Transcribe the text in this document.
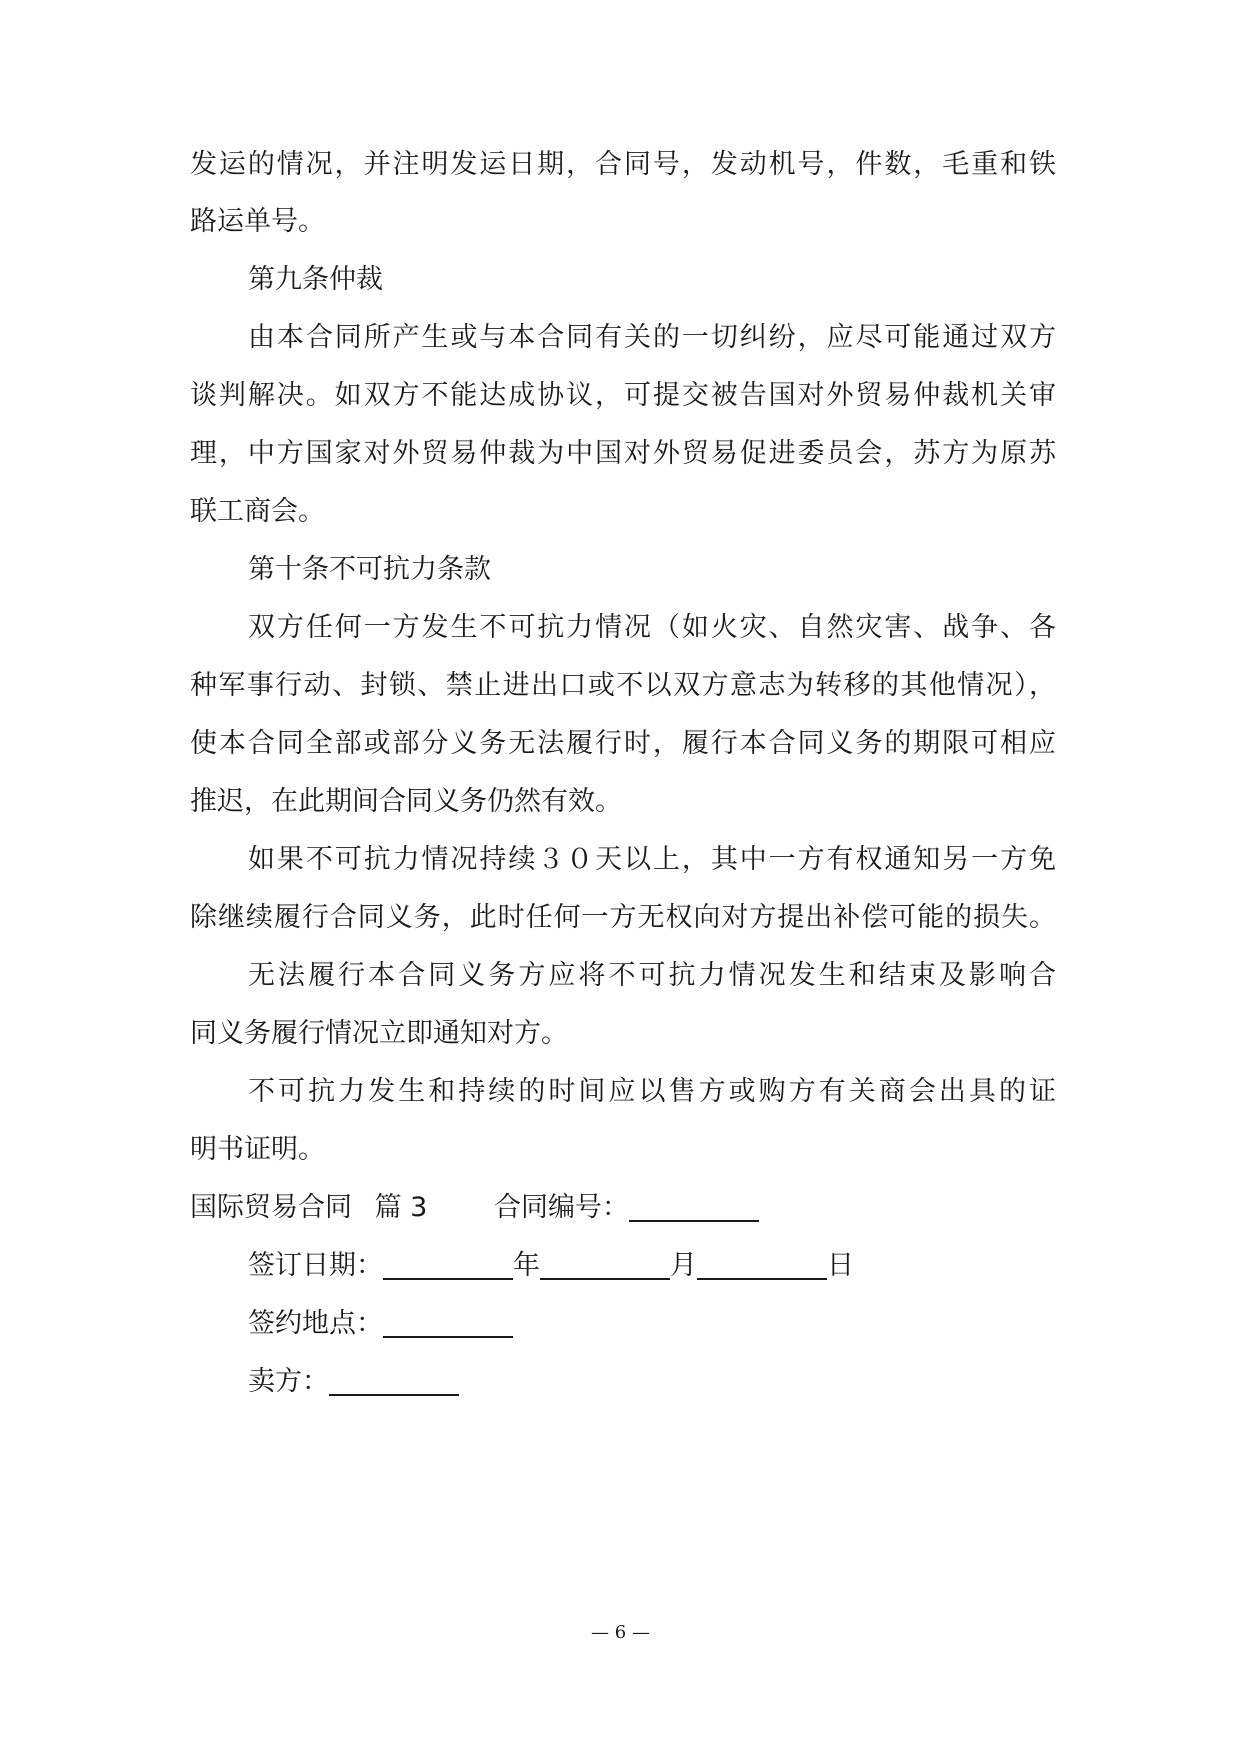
发运的情况，并注明发运日期，合同号，发动机号，件数，毛重和铁
路运单号。
第九条仲裁
由本合同所产生或与本合同有关的一切纠纷，应尽可能通过双方
谈判解决。如双方不能达成协议，可提交被告国对外贸易仲裁机关审
理，中方国家对外贸易仲裁为中国对外贸易促进委员会，苏方为原苏
联工商会。
第十条不可抗力条款
双方任何一方发生不可抗力情况（如火灾、自然灾害、战争、各
种军事行动、封锁、禁止进出口或不以双方意志为转移的其他情况），
使本合同全部或部分义务无法履行时，履行本合同义务的期限可相应
推迟，在此期间合同义务仍然有效。
如果不可抗力情况持续３０天以上，其中一方有权通知另一方免
除继续履行合同义务，此时任何一方无权向对方提出补偿可能的损失。
无法履行本合同义务方应将不可抗力情况发生和结束及影响合
同义务履行情况立即通知对方。
不可抗力发生和持续的时间应以售方或购方有关商会出具的证
明书证明。
国际贸易合同 篇 3 合同编号：
签订日期：	年	月	日
签约地点：
卖方：
— 6 —
